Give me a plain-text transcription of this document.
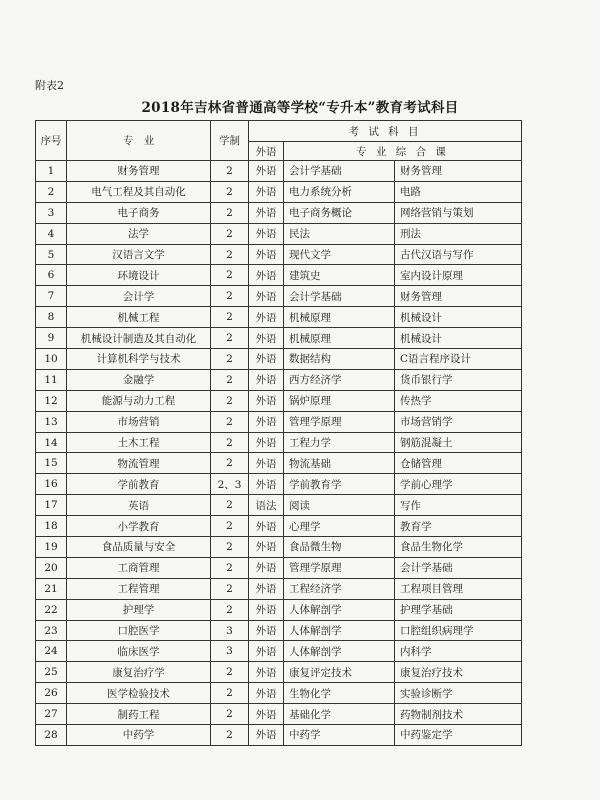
附表2
2018年吉林省普通高等学校“专升本”教育考试科目
序号	专　业	学制	考 试 科 目		
			外语	专 业 综 合 课	
1	财务管理	2	外语	会计学基础	财务管理
2	电气工程及其自动化	2	外语	电力系统分析	电路
3	电子商务	2	外语	电子商务概论	网络营销与策划
4	法学	2	外语	民法	刑法
5	汉语言文学	2	外语	现代文学	古代汉语与写作
6	环境设计	2	外语	建筑史	室内设计原理
7	会计学	2	外语	会计学基础	财务管理
8	机械工程	2	外语	机械原理	机械设计
9	机械设计制造及其自动化	2	外语	机械原理	机械设计
10	计算机科学与技术	2	外语	数据结构	C语言程序设计
11	金融学	2	外语	西方经济学	货币银行学
12	能源与动力工程	2	外语	锅炉原理	传热学
13	市场营销	2	外语	管理学原理	市场营销学
14	土木工程	2	外语	工程力学	钢筋混凝土
15	物流管理	2	外语	物流基础	仓储管理
16	学前教育	2、3	外语	学前教育学	学前心理学
17	英语	2	语法	阅读	写作
18	小学教育	2	外语	心理学	教育学
19	食品质量与安全	2	外语	食品微生物	食品生物化学
20	工商管理	2	外语	管理学原理	会计学基础
21	工程管理	2	外语	工程经济学	工程项目管理
22	护理学	2	外语	人体解剖学	护理学基础
23	口腔医学	3	外语	人体解剖学	口腔组织病理学
24	临床医学	3	外语	人体解剖学	内科学
25	康复治疗学	2	外语	康复评定技术	康复治疗技术
26	医学检验技术	2	外语	生物化学	实验诊断学
27	制药工程	2	外语	基础化学	药物制剂技术
28	中药学	2	外语	中药学	中药鉴定学
